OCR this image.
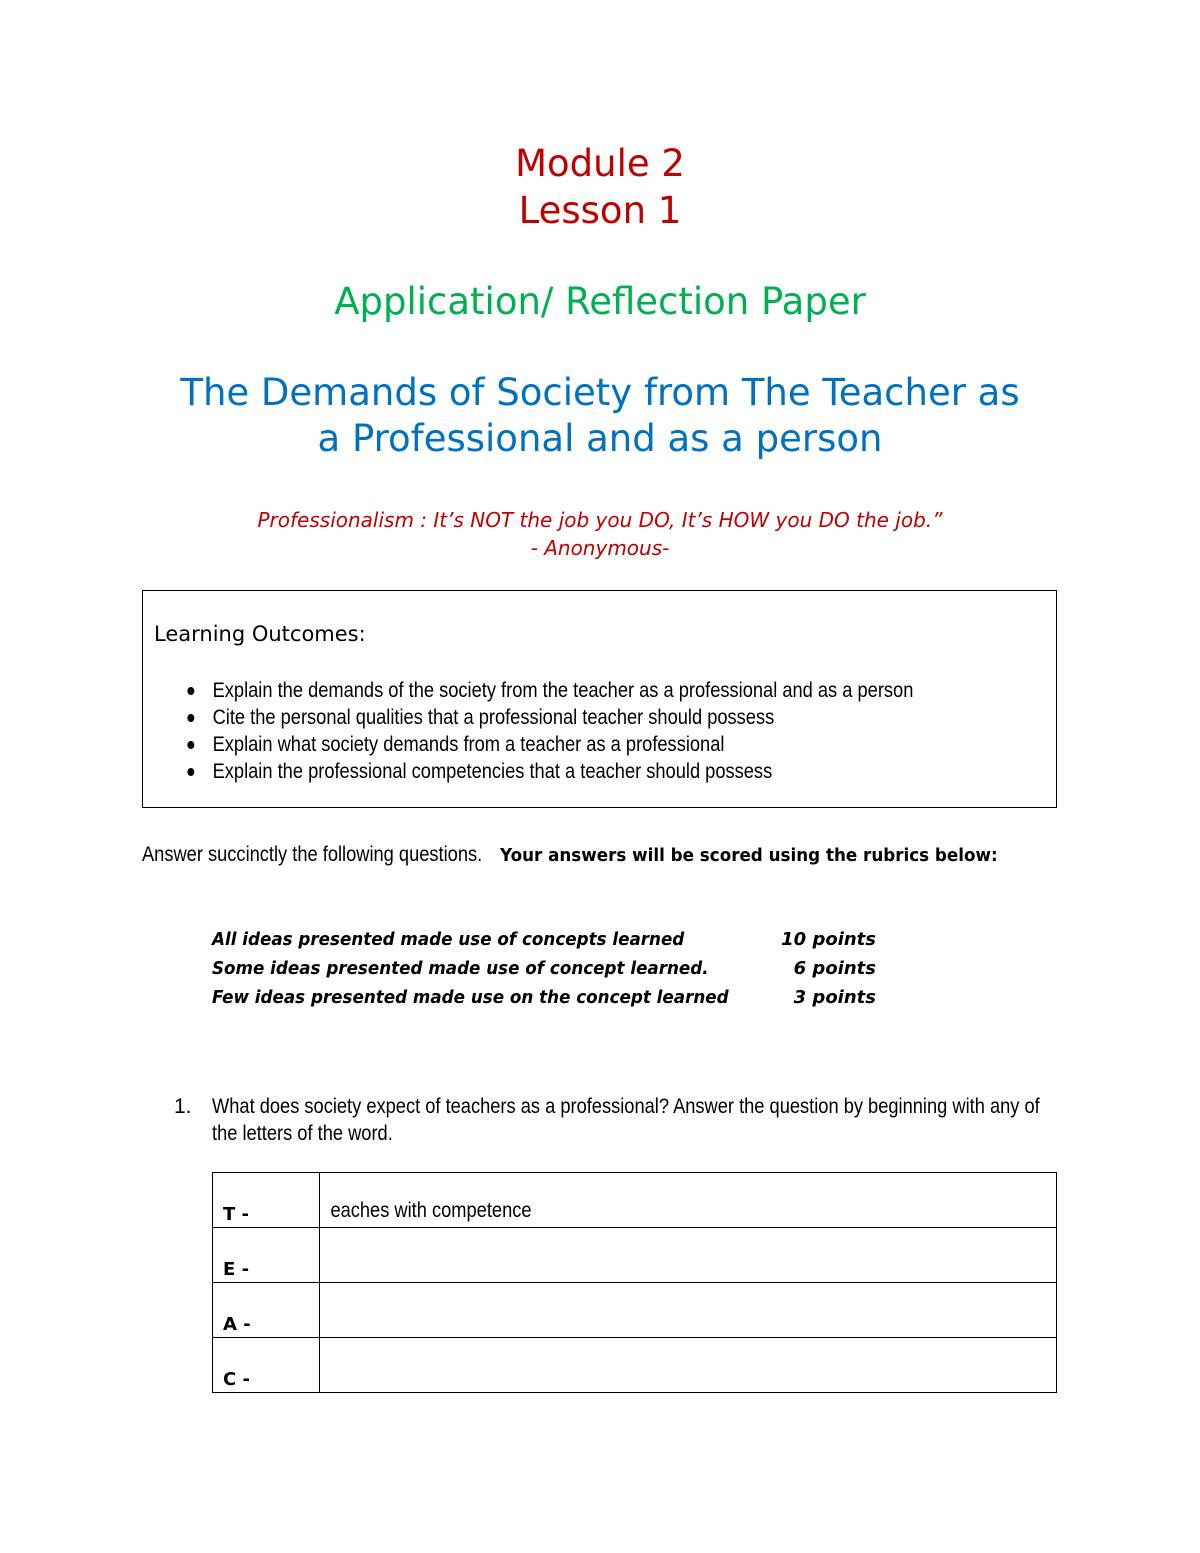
Module 2
Lesson 1
Application/ Reflection Paper
The Demands of Society from The Teacher as
a Professional and as a person
Professionalism : It’s NOT the job you DO, It’s HOW you DO the job.”
- Anonymous-
Learning Outcomes:
Explain the demands of the society from the teacher as a professional and as a person
Cite the personal qualities that a professional teacher should possess
Explain what society demands from a teacher as a professional
Explain the professional competencies that a teacher should possess
Answer succinctly the following questions. Your answers will be scored using the rubrics below:
All ideas presented made use of concepts learned	10 points
Some ideas presented made use of concept learned.	6 points
Few ideas presented made use on the concept learned	3 points
1. What does society expect of teachers as a professional? Answer the question by beginning with any of the letters of the word.
T -	eaches with competence
E -	
A -	
C -	
